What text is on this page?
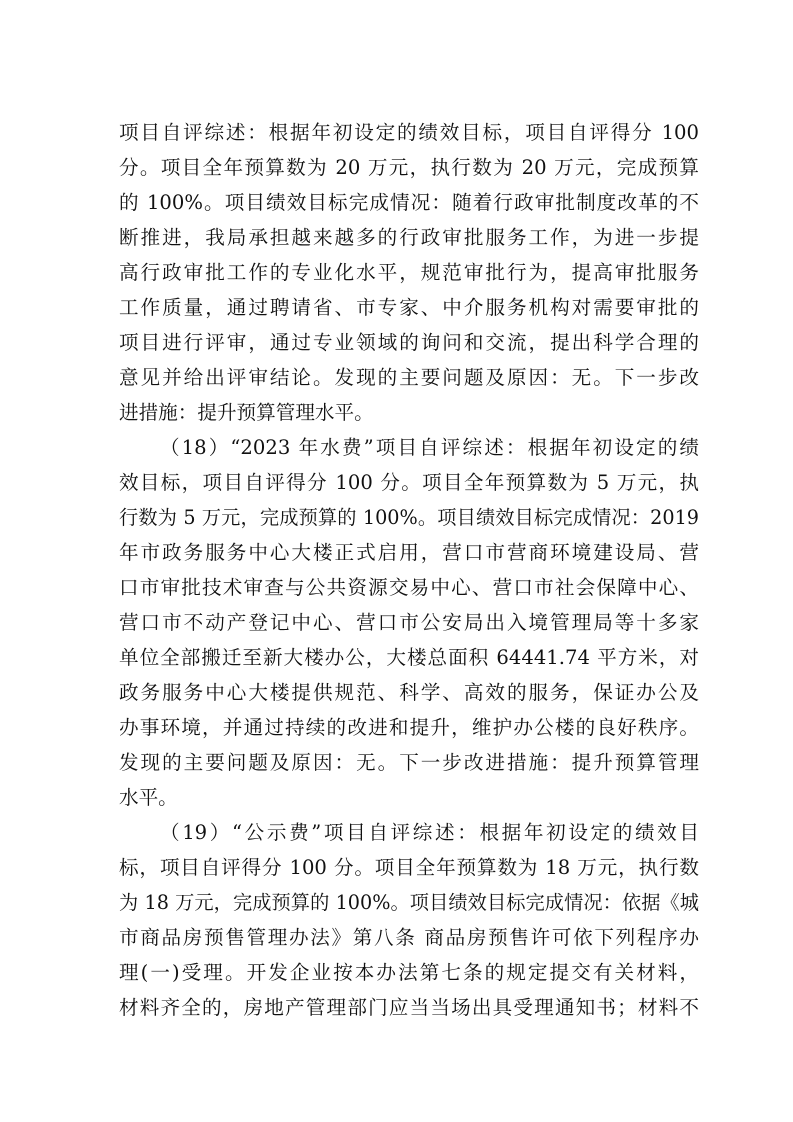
项目自评综述：根据年初设定的绩效目标，项目自评得分 100
分。项目全年预算数为 20 万元，执行数为 20 万元，完成预算
的 100%。项目绩效目标完成情况：随着行政审批制度改革的不
断推进，我局承担越来越多的行政审批服务工作，为进一步提
高行政审批工作的专业化水平，规范审批行为，提高审批服务
工作质量，通过聘请省、市专家、中介服务机构对需要审批的
项目进行评审，通过专业领域的询问和交流，提出科学合理的
意见并给出评审结论。发现的主要问题及原因：无。下一步改
进措施：提升预算管理水平。
（18）“2023 年水费”项目自评综述：根据年初设定的绩
效目标，项目自评得分 100 分。项目全年预算数为 5 万元，执
行数为 5 万元，完成预算的 100%。项目绩效目标完成情况：2019
年市政务服务中心大楼正式启用，营口市营商环境建设局、营
口市审批技术审查与公共资源交易中心、营口市社会保障中心、
营口市不动产登记中心、营口市公安局出入境管理局等十多家
单位全部搬迁至新大楼办公，大楼总面积 64441.74 平方米，对
政务服务中心大楼提供规范、科学、高效的服务，保证办公及
办事环境，并通过持续的改进和提升，维护办公楼的良好秩序。
发现的主要问题及原因：无。下一步改进措施：提升预算管理
水平。
（19）“公示费”项目自评综述：根据年初设定的绩效目
标，项目自评得分 100 分。项目全年预算数为 18 万元，执行数
为 18 万元，完成预算的 100%。项目绩效目标完成情况：依据《城
市商品房预售管理办法》第八条 商品房预售许可依下列程序办
理(一)受理。开发企业按本办法第七条的规定提交有关材料，
材料齐全的，房地产管理部门应当当场出具受理通知书；材料不
